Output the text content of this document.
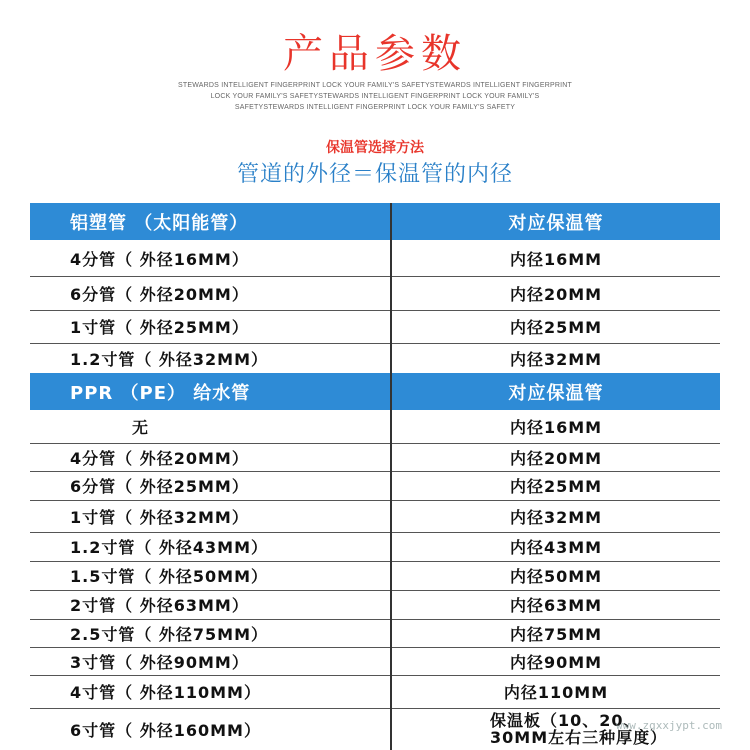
产品参数
STEWARDS INTELLIGENT FINGERPRINT LOCK YOUR FAMILY'S SAFETYSTEWARDS INTELLIGENT FINGERPRINT
LOCK YOUR FAMILY'S SAFETYSTEWARDS INTELLIGENT FINGERPRINT LOCK YOUR FAMILY'S
SAFETYSTEWARDS INTELLIGENT FINGERPRINT LOCK YOUR FAMILY'S SAFETY
保温管选择方法
管道的外径＝保温管的内径
铝塑管 （太阳能管）	对应保温管
4分管（ 外径16MM）	内径16MM
6分管（ 外径20MM）	内径20MM
1寸管（ 外径25MM）	内径25MM
1.2寸管（ 外径32MM）	内径32MM
PPR （PE） 给水管	对应保温管
无	内径16MM
4分管（ 外径20MM）	内径20MM
6分管（ 外径25MM）	内径25MM
1寸管（ 外径32MM）	内径32MM
1.2寸管（ 外径43MM）	内径43MM
1.5寸管（ 外径50MM）	内径50MM
2寸管（ 外径63MM）	内径63MM
2.5寸管（ 外径75MM）	内径75MM
3寸管（ 外径90MM）	内径90MM
4寸管（ 外径110MM）	内径110MM
6寸管（ 外径160MM）	保温板（10、20、
30MM左右三种厚度）
www.zgxxjypt.com
